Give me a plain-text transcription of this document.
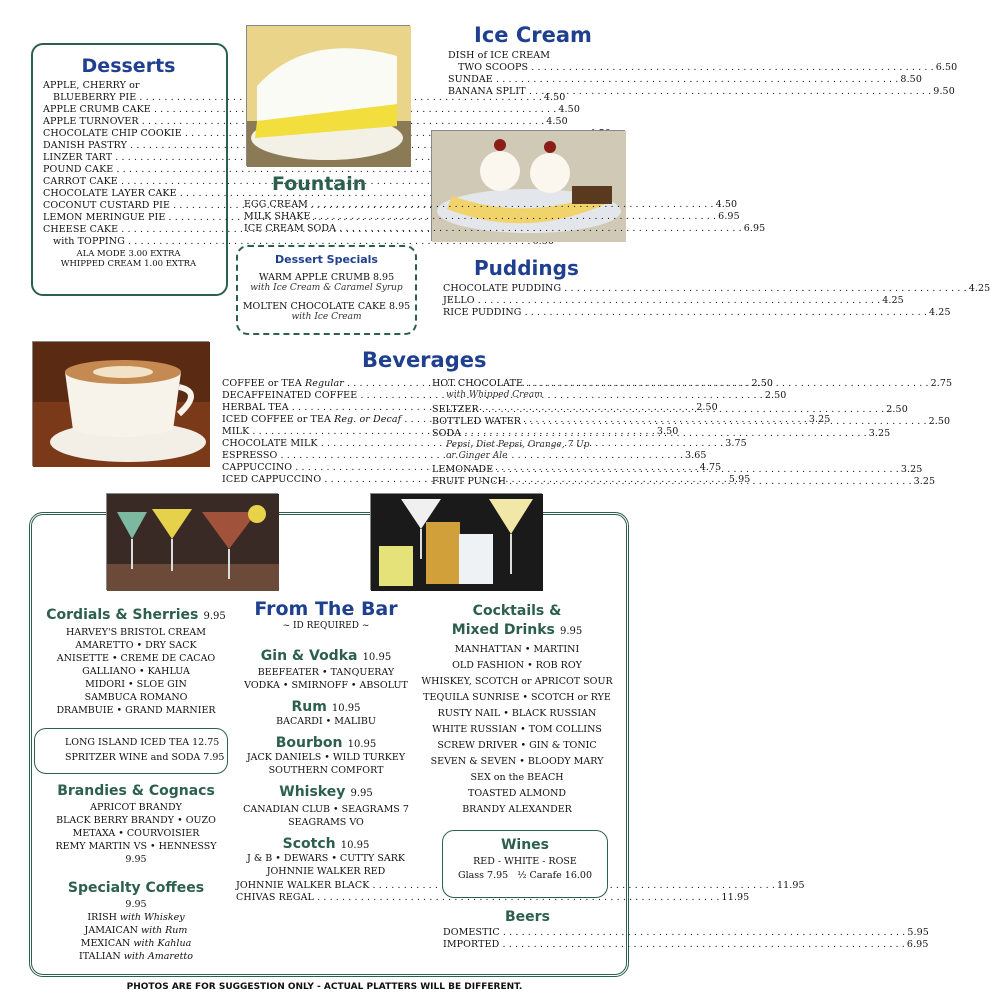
Desserts
APPLE, CHERRY or
BLUEBERRY PIE . . .	4.50
APPLE CRUMB CAKE . . .	4.50
APPLE TURNOVER . . .	4.50
CHOCOLATE CHIP COOKIE . . .
DANISH PASTRY . . .
LINZER TART . . .
POUND CAKE . . .
CARROT CAKE . . .
CHOCOLATE LAYER CAKE . . .
COCONUT CUSTARD PIE . . .
LEMON MERINGUE PIE . . .
CHEESE CAKE . . .
with TOPPING . . .
ALA MODE 3.00 EXTRA
WHIPPED CREAM 1.00 EXTRA
Ice Cream
DISH of ICE CREAM
TWO SCOOPS . . .	6.50
SUNDAE . . .	8.50
BANANA SPLIT . . .	9.50
Fountain
EGG CREAM . . .	4.50
MILK SHAKE . . .	6.95
ICE CREAM SODA . . .	6.95
Dessert Specials
WARM APPLE CRUMB 8.95
with Ice Cream & Caramel Syrup
MOLTEN CHOCOLATE CAKE 8.95
with Ice Cream
Puddings
CHOCOLATE PUDDING . . .	4.25
JELLO . . .	4.25
RICE PUDDING . . .	4.25
Beverages
COFFEE or TEA Regular . . .	2.50
DECAFFEINATED COFFEE . . .	2.50
HERBAL TEA . . .	2.50
ICED COFFEE or TEA Reg. or Decaf . . .	3.25
MILK . . .	3.50
CHOCOLATE MILK . . .	3.75
ESPRESSO . . .	3.65
CAPPUCCINO . . .	4.75
ICED CAPPUCCINO . . .	5.95
HOT CHOCOLATE . . .	2.75
with Whipped Cream
SELTZER . . .	2.50
BOTTLED WATER . . .	2.50
SODA . . .	3.25
Pepsi, Diet Pepsi, Orange, 7 Up
or Ginger Ale
LEMONADE . . .	3.25
FRUIT PUNCH . . .	3.25
Cordials & Sherries 9.95
HARVEY'S BRISTOL CREAM
AMARETTO • DRY SACK
ANISETTE • CREME DE CACAO
GALLIANO • KAHLUA
MIDORI • SLOE GIN
SAMBUCA ROMANO
DRAMBUIE • GRAND MARNIER
LONG ISLAND ICED TEA 12.75
SPRITZER WINE and SODA 7.95
Brandies & Cognacs
APRICOT BRANDY
BLACK BERRY BRANDY • OUZO
METAXA • COURVOISIER
REMY MARTIN VS • HENNESSY
9.95
Specialty Coffees
9.95
IRISH with Whiskey
JAMAICAN with Rum
MEXICAN with Kahlua
ITALIAN with Amaretto
From The Bar
~ ID REQUIRED ~
Gin & Vodka 10.95
BEEFEATER • TANQUERAY
VODKA • SMIRNOFF • ABSOLUT
Rum 10.95
BACARDI • MALIBU
Bourbon 10.95
JACK DANIELS • WILD TURKEY
SOUTHERN COMFORT
Whiskey 9.95
CANADIAN CLUB • SEAGRAMS 7
SEAGRAMS VO
Scotch 10.95
J & B • DEWARS • CUTTY SARK
JOHNNIE WALKER RED
JOHNNIE WALKER BLACK . . .	11.95
CHIVAS REGAL . . .	11.95
Cocktails &
Mixed Drinks 9.95
MANHATTAN • MARTINI
OLD FASHION • ROB ROY
WHISKEY, SCOTCH or APRICOT SOUR
TEQUILA SUNRISE • SCOTCH or RYE
RUSTY NAIL • BLACK RUSSIAN
WHITE RUSSIAN • TOM COLLINS
SCREW DRIVER • GIN & TONIC
SEVEN & SEVEN • BLOODY MARY
SEX on the BEACH
TOASTED ALMOND
BRANDY ALEXANDER
Wines
RED - WHITE - ROSE
Glass 7.95 ½ Carafe 16.00
Beers
DOMESTIC . . .	5.95
IMPORTED . . .	6.95
PHOTOS ARE FOR SUGGESTION ONLY - ACTUAL PLATTERS WILL BE DIFFERENT.
